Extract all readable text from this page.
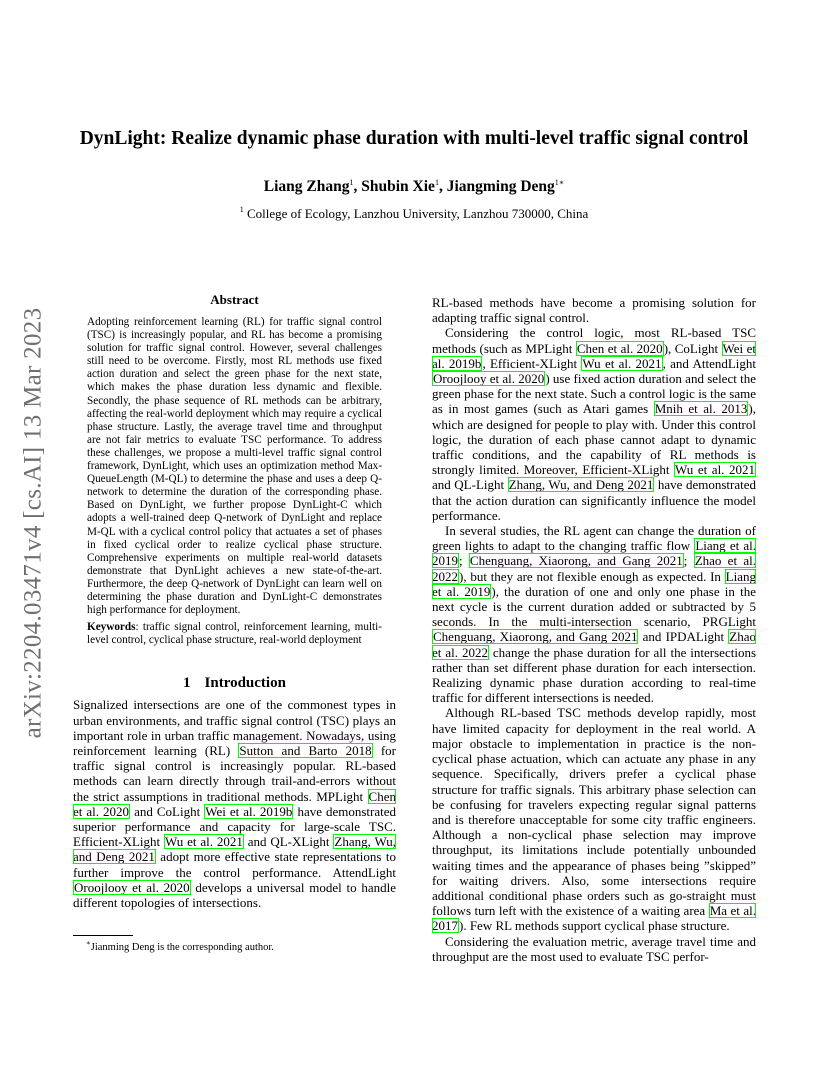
arXiv:2204.03471v4 [cs.AI] 13 Mar 2023
DynLight: Realize dynamic phase duration with multi-level traffic signal control
Liang Zhang$^1$, Shubin Xie$^1$, Jiangming Deng$^{1∗}$
$^1$ College of Ecology, Lanzhou University, Lanzhou 730000, China
Abstract
Adopting reinforcement learning (RL) for traffic signal control (TSC) is increasingly popular, and RL has become a promising solution for traffic signal control. However, several challenges still need to be overcome. Firstly, most RL methods use fixed action duration and select the green phase for the next state, which makes the phase duration less dynamic and flexible. Secondly, the phase sequence of RL methods can be arbitrary, affecting the real-world deployment which may require a cyclical phase structure. Lastly, the average travel time and throughput are not fair metrics to evaluate TSC performance. To address these challenges, we propose a multi-level traffic signal control framework, DynLight, which uses an optimization method Max-QueueLength (M-QL) to determine the phase and uses a deep Q-network to determine the duration of the corresponding phase. Based on DynLight, we further propose DynLight-C which adopts a well-trained deep Q-network of DynLight and replace M-QL with a cyclical control policy that actuates a set of phases in fixed cyclical order to realize cyclical phase structure. Comprehensive experiments on multiple real-world datasets demonstrate that DynLight achieves a new state-of-the-art. Furthermore, the deep Q-network of DynLight can learn well on determining the phase duration and DynLight-C demonstrates high performance for deployment.
Keywords: traffic signal control, reinforcement learning, multi-level control, cyclical phase structure, real-world deployment
1 Introduction

Signalized intersections are one of the commonest types in urban environments, and traffic signal control (TSC) plays an important role in urban traffic management. Nowadays, using reinforcement learning (RL) Sutton and Barto 2018 for traffic signal control is increasingly popular. RL-based methods can learn directly through trail-and-errors without the strict assumptions in traditional methods. MPLight Chen et al. 2020 and CoLight Wei et al. 2019b have demonstrated superior performance and capacity for large-scale TSC. Efficient-XLight Wu et al. 2021 and QL-XLight Zhang, Wu, and Deng 2021 adopt more effective state representations to further improve the control performance. AttendLight Oroojlooy et al. 2020 develops a universal model to handle different topologies of intersections.

RL-based methods have become a promising solution for adapting traffic signal control.

Considering the control logic, most RL-based TSC methods (such as MPLight Chen et al. 2020), CoLight Wei et al. 2019b, Efficient-XLight Wu et al. 2021, and AttendLight Oroojlooy et al. 2020) use fixed action duration and select the green phase for the next state. Such a control logic is the same as in most games (such as Atari games Mnih et al. 2013), which are designed for people to play with. Under this control logic, the duration of each phase cannot adapt to dynamic traffic conditions, and the capability of RL methods is strongly limited. Moreover, Efficient-XLight Wu et al. 2021 and QL-Light Zhang, Wu, and Deng 2021 have demonstrated that the action duration can significantly influence the model performance.

In several studies, the RL agent can change the duration of green lights to adapt to the changing traffic flow Liang et al. 2019; Chenguang, Xiaorong, and Gang 2021; Zhao et al. 2022), but they are not flexible enough as expected. In Liang et al. 2019), the duration of one and only one phase in the next cycle is the current duration added or subtracted by 5 seconds. In the multi-intersection scenario, PRGLight Chenguang, Xiaorong, and Gang 2021 and IPDALight Zhao et al. 2022 change the phase duration for all the intersections rather than set different phase duration for each intersection. Realizing dynamic phase duration according to real-time traffic for different intersections is needed.

Although RL-based TSC methods develop rapidly, most have limited capacity for deployment in the real world. A major obstacle to implementation in practice is the non-cyclical phase actuation, which can actuate any phase in any sequence. Specifically, drivers prefer a cyclical phase structure for traffic signals. This arbitrary phase selection can be confusing for travelers expecting regular signal patterns and is therefore unacceptable for some city traffic engineers. Although a non-cyclical phase selection may improve throughput, its limitations include potentially unbounded waiting times and the appearance of phases being ”skipped” for waiting drivers. Also, some intersections require additional conditional phase orders such as go-straight must follows turn left with the existence of a waiting area Ma et al. 2017). Few RL methods support cyclical phase structure.

Considering the evaluation metric, average travel time and throughput are the most used to evaluate TSC perfor-

∗Jianming Deng is the corresponding author.
